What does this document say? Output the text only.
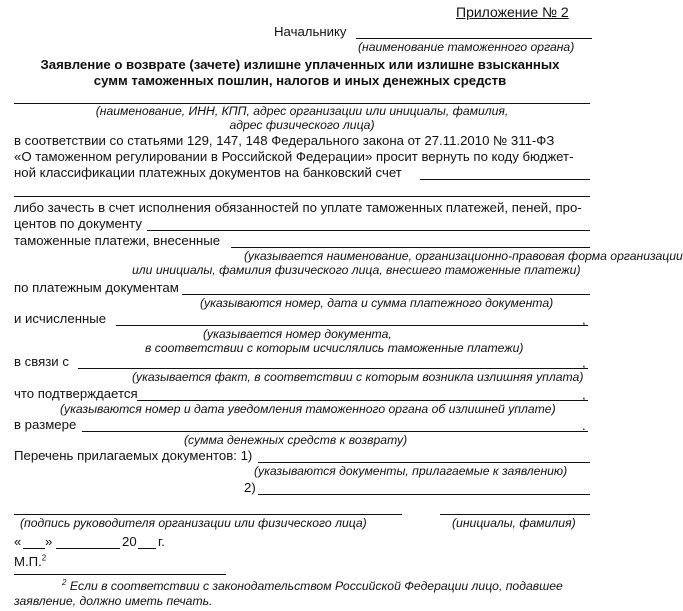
Приложение № 2
Начальнику
(наименование таможенного органа)
Заявление о возврате (зачете) излишне уплаченных или излишне взысканных
сумм таможенных пошлин, налогов и иных денежных средств
(наименование, ИНН, КПП, адрес организации или инициалы, фамилия,
адрес физического лица)
в соответствии со статьями 129, 147, 148 Федерального закона от 27.11.2010 № 311-ФЗ
«О таможенном регулировании в Российской Федерации» просит вернуть по коду бюджет-
ной классификации платежных документов на банковский счет
либо зачесть в счет исполнения обязанностей по уплате таможенных платежей, пеней, про-
центов по документу
таможенные платежи, внесенные
(указывается наименование, организационно-правовая форма организации
или инициалы, фамилия физического лица, внесшего таможенные платежи)
по платежным документам
(указываются номер, дата и сумма платежного документа)
и исчисленные	,
(указывается номер документа,
в соответствии с которым исчислялись таможенные платежи)
в связи с	,
(указывается факт, в соответствии с которым возникла излишняя уплата)
что подтверждается	,
(указываются номер и дата уведомления таможенного органа об излишней уплате)
в размере	.
(сумма денежных средств к возврату)
Перечень прилагаемых документов: 1)
(указываются документы, прилагаемые к заявлению)
2)
(подпись руководителя организации или физического лица)	(инициалы, фамилия)
« »	20 г.
М.П.$^2$
$^2$ Если в соответствии с законодательством Российской Федерации лицо, подавшее
заявление, должно иметь печать.
